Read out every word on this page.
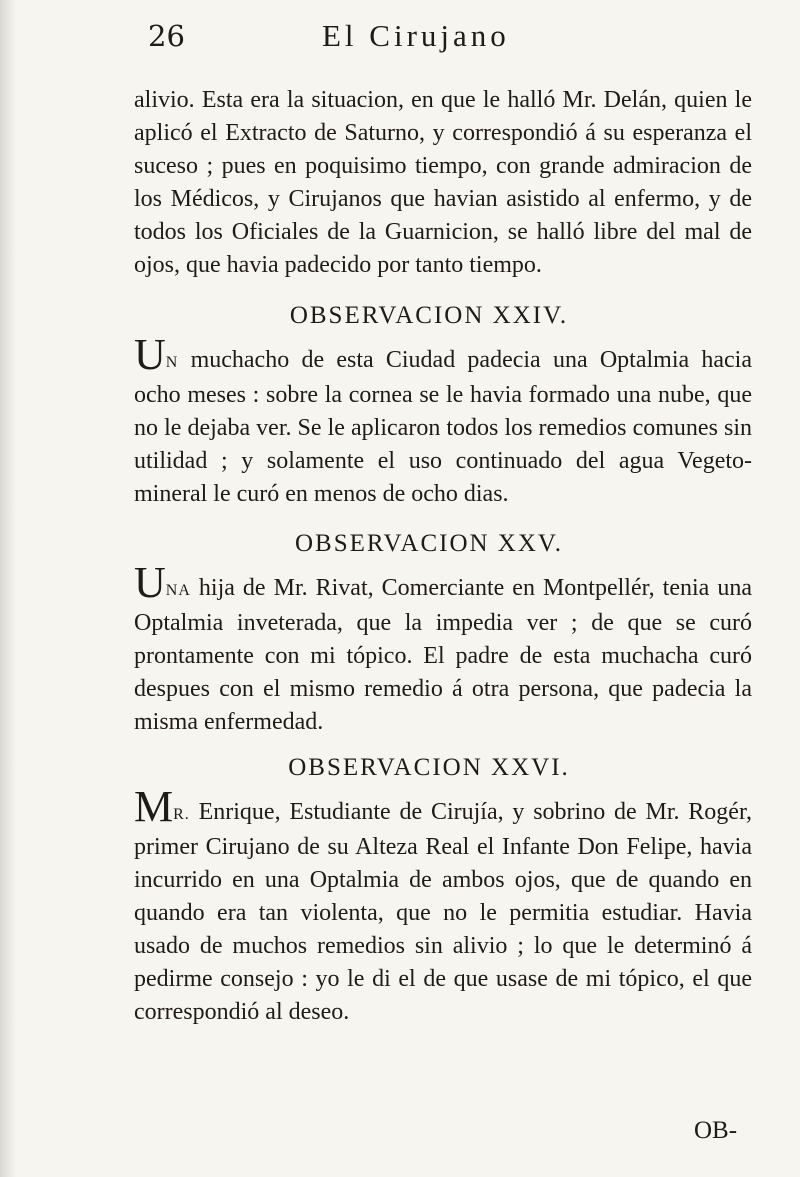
26	El Cirujano

alivio. Esta era la situacion, en que le halló Mr. Delán, quien le aplicó el Extracto de Saturno, y correspondió á su esperanza el suceso ; pues en poquisimo tiempo, con grande admiracion de los Médicos, y Cirujanos que havian asistido al enfermo, y de todos los Oficiales de la Guarnicion, se halló libre del mal de ojos, que havia padecido por tanto tiempo.

OBSERVACION XXIV.

UN muchacho de esta Ciudad padecia una Optalmia hacia ocho meses : sobre la cornea se le havia formado una nube, que no le dejaba ver. Se le aplicaron todos los remedios comunes sin utilidad ; y solamente el uso continuado del agua Vegeto-mineral le curó en menos de ocho dias.

OBSERVACION XXV.

UNA hija de Mr. Rivat, Comerciante en Montpellér, tenia una Optalmia inveterada, que la impedia ver ; de que se curó prontamente con mi tópico. El padre de esta muchacha curó despues con el mismo remedio á otra persona, que padecia la misma enfermedad.

OBSERVACION XXVI.

MR. Enrique, Estudiante de Cirujía, y sobrino de Mr. Rogér, primer Cirujano de su Alteza Real el Infante Don Felipe, havia incurrido en una Optalmia de ambos ojos, que de quando en quando era tan violenta, que no le permitia estudiar. Havia usado de muchos remedios sin alivio ; lo que le determinó á pedirme consejo : yo le di el de que usase de mi tópico, el que correspondió al deseo.

OB-
